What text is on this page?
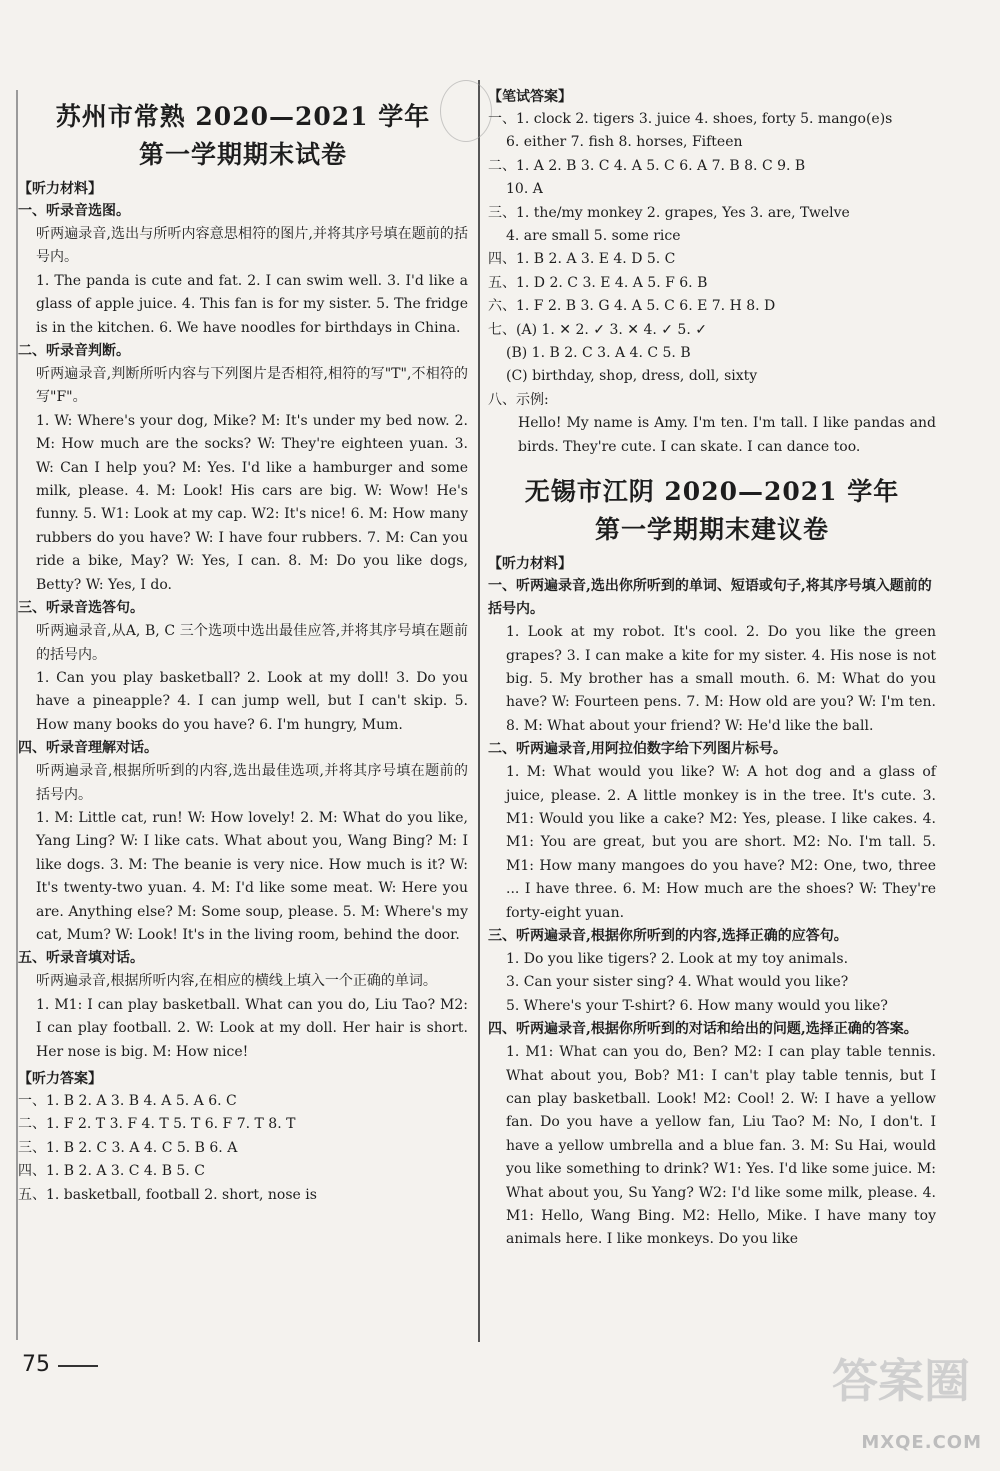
苏州市常熟 2020—2021 学年
第一学期期末试卷
【听力材料】
一、听录音选图。
听两遍录音,选出与所听内容意思相符的图片,并将其序号填在题前的括号内。
1. The panda is cute and fat. 2. I can swim well. 3. I'd like a glass of apple juice. 4. This fan is for my sister. 5. The fridge is in the kitchen. 6. We have noodles for birthdays in China.
二、听录音判断。
听两遍录音,判断所听内容与下列图片是否相符,相符的写"T",不相符的写"F"。
1. W: Where's your dog, Mike? M: It's under my bed now. 2. M: How much are the socks? W: They're eighteen yuan. 3. W: Can I help you? M: Yes. I'd like a hamburger and some milk, please. 4. M: Look! His cars are big. W: Wow! He's funny. 5. W1: Look at my cap. W2: It's nice! 6. M: How many rubbers do you have? W: I have four rubbers. 7. M: Can you ride a bike, May? W: Yes, I can. 8. M: Do you like dogs, Betty? W: Yes, I do.
三、听录音选答句。
听两遍录音,从A, B, C 三个选项中选出最佳应答,并将其序号填在题前的括号内。
1. Can you play basketball? 2. Look at my doll! 3. Do you have a pineapple? 4. I can jump well, but I can't skip. 5. How many books do you have? 6. I'm hungry, Mum.
四、听录音理解对话。
听两遍录音,根据所听到的内容,选出最佳选项,并将其序号填在题前的括号内。
1. M: Little cat, run! W: How lovely! 2. M: What do you like, Yang Ling? W: I like cats. What about you, Wang Bing? M: I like dogs. 3. M: The beanie is very nice. How much is it? W: It's twenty-two yuan. 4. M: I'd like some meat. W: Here you are. Anything else? M: Some soup, please. 5. M: Where's my cat, Mum? W: Look! It's in the living room, behind the door.
五、听录音填对话。
听两遍录音,根据所听内容,在相应的横线上填入一个正确的单词。
1. M1: I can play basketball. What can you do, Liu Tao? M2: I can play football. 2. W: Look at my doll. Her hair is short. Her nose is big. M: How nice!
【听力答案】
一、1. B 2. A 3. B 4. A 5. A 6. C
二、1. F 2. T 3. F 4. T 5. T 6. F 7. T 8. T
三、1. B 2. C 3. A 4. C 5. B 6. A
四、1. B 2. A 3. C 4. B 5. C
五、1. basketball, football 2. short, nose is
【笔试答案】
一、1. clock 2. tigers 3. juice 4. shoes, forty 5. mango(e)s
6. either 7. fish 8. horses, Fifteen
二、1. A 2. B 3. C 4. A 5. C 6. A 7. B 8. C 9. B
10. A
三、1. the/my monkey 2. grapes, Yes 3. are, Twelve
4. are small 5. some rice
四、1. B 2. A 3. E 4. D 5. C
五、1. D 2. C 3. E 4. A 5. F 6. B
六、1. F 2. B 3. G 4. A 5. C 6. E 7. H 8. D
七、(A) 1. ✕ 2. ✓ 3. ✕ 4. ✓ 5. ✓
(B) 1. B 2. C 3. A 4. C 5. B
(C) birthday, shop, dress, doll, sixty
八、示例:
Hello! My name is Amy. I'm ten. I'm tall. I like pandas and birds. They're cute. I can skate. I can dance too.
无锡市江阴 2020—2021 学年
第一学期期末建议卷
【听力材料】
一、听两遍录音,选出你所听到的单词、短语或句子,将其序号填入题前的括号内。
1. Look at my robot. It's cool. 2. Do you like the green grapes? 3. I can make a kite for my sister. 4. His nose is not big. 5. My brother has a small mouth. 6. M: What do you have? W: Fourteen pens. 7. M: How old are you? W: I'm ten. 8. M: What about your friend? W: He'd like the ball.
二、听两遍录音,用阿拉伯数字给下列图片标号。
1. M: What would you like? W: A hot dog and a glass of juice, please. 2. A little monkey is in the tree. It's cute. 3. M1: Would you like a cake? M2: Yes, please. I like cakes. 4. M1: You are great, but you are short. M2: No. I'm tall. 5. M1: How many mangoes do you have? M2: One, two, three ... I have three. 6. M: How much are the shoes? W: They're forty-eight yuan.
三、听两遍录音,根据你所听到的内容,选择正确的应答句。
1. Do you like tigers? 2. Look at my toy animals.
3. Can your sister sing? 4. What would you like?
5. Where's your T-shirt? 6. How many would you like?
四、听两遍录音,根据你所听到的对话和给出的问题,选择正确的答案。
1. M1: What can you do, Ben? M2: I can play table tennis. What about you, Bob? M1: I can't play table tennis, but I can play basketball. Look! M2: Cool! 2. W: I have a yellow fan. Do you have a yellow fan, Liu Tao? M: No, I don't. I have a yellow umbrella and a blue fan. 3. M: Su Hai, would you like something to drink? W1: Yes. I'd like some juice. M: What about you, Su Yang? W2: I'd like some milk, please. 4. M1: Hello, Wang Bing. M2: Hello, Mike. I have many toy animals here. I like monkeys. Do you like
75	答案圈
MXQE.COM
